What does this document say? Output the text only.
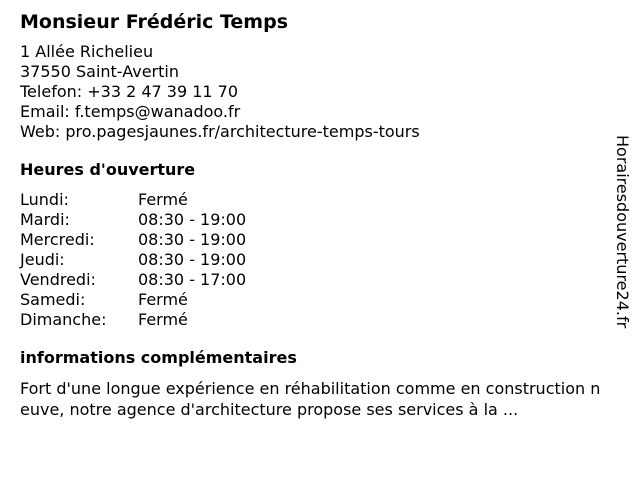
Monsieur Frédéric Temps
1 Allée Richelieu
37550 Saint-Avertin
Telefon: +33 2 47 39 11 70
Email: f.temps@wanadoo.fr
Web: pro.pagesjaunes.fr/architecture-temps-tours
Heures d'ouverture
Lundi:	Fermé
Mardi:	08:30 - 19:00
Mercredi:	08:30 - 19:00
Jeudi:	08:30 - 19:00
Vendredi:	08:30 - 17:00
Samedi:	Fermé
Dimanche:	Fermé
informations complémentaires
Fort d'une longue expérience en réhabilitation comme en construction neuve, notre agence d'architecture propose ses services à la ...
Horairesdouverture24.fr
